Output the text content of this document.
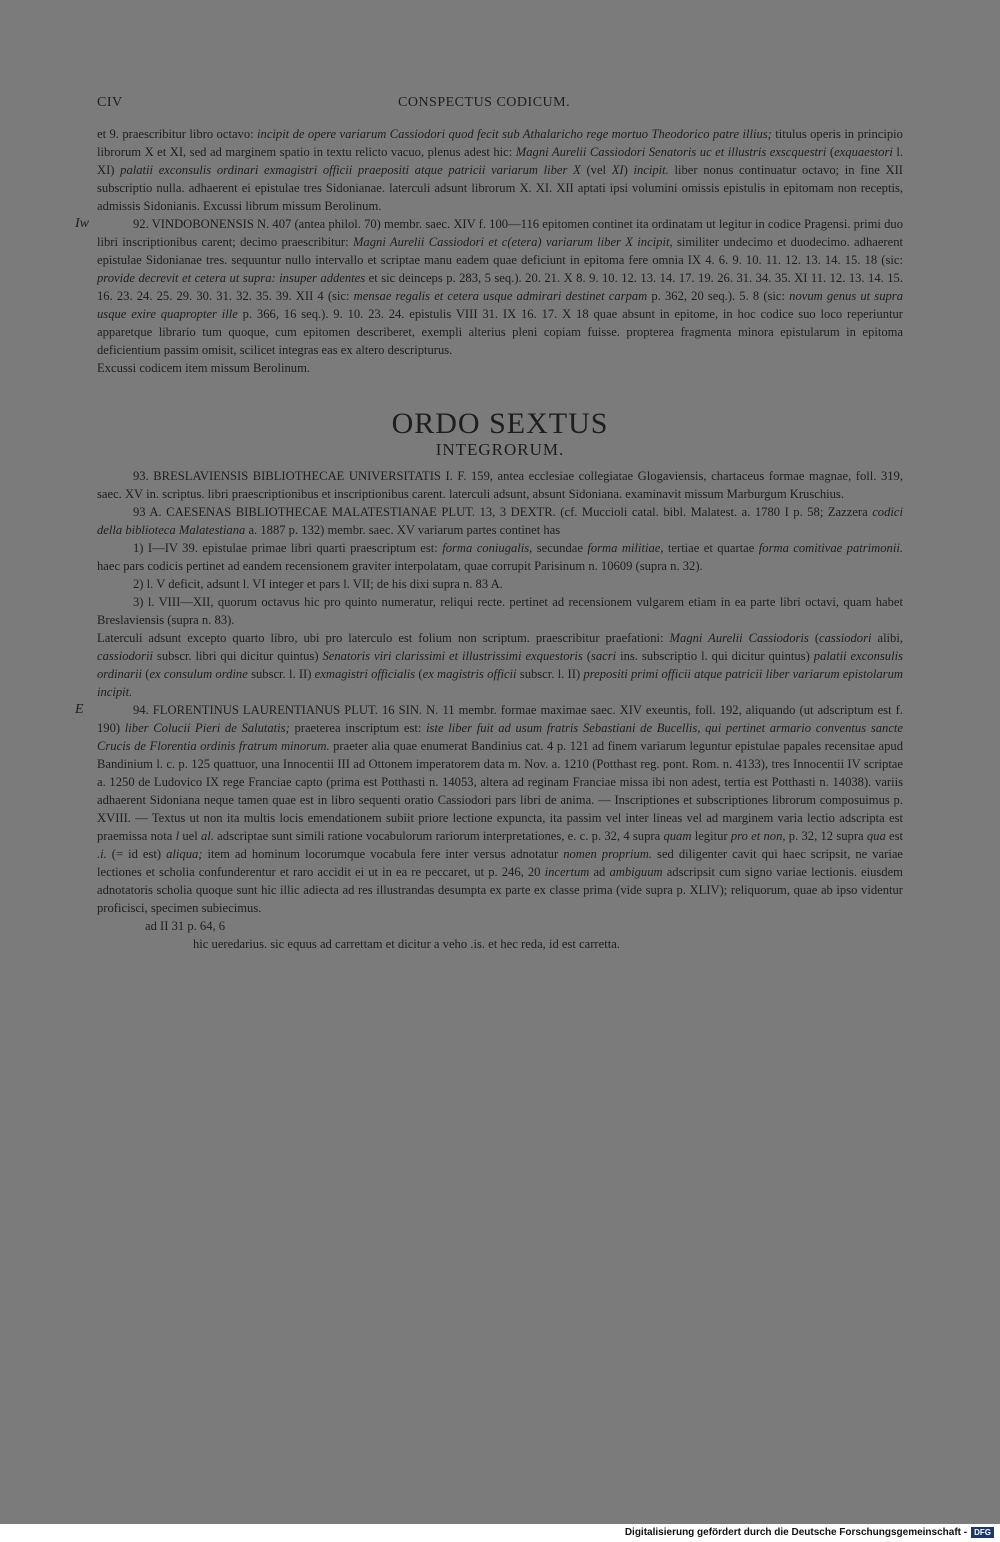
CIV	CONSPECTUS CODICUM.

et 9. praescribitur libro octavo: incipit de opere variarum Cassiodori quod fecit sub Athalaricho rege mortuo Theodorico patre illius; titulus operis in principio librorum X et XI, sed ad marginem spatio in textu relicto vacuo, plenus adest hic: Magni Aurelii Cassiodori Senatoris uc et illustris exscquestri (exquaestori l. XI) palatii exconsulis ordinari exmagistri officii praepositi atque patricii variarum liber X (vel XI) incipit. liber nonus continuatur octavo; in fine XII subscriptio nulla. adhaerent ei epistulae tres Sidonianae. laterculi adsunt librorum X. XI. XII aptati ipsi volumini omissis epistulis in epitomam non receptis, admissis Sidonianis. Excussi librum missum Berolinum.

Iw	92. VINDOBONENSIS N. 407 (antea philol. 70) membr. saec. XIV f. 100—116 epitomen continet ita ordinatam ut legitur in codice Pragensi. primi duo libri inscriptionibus carent; decimo praescribitur: Magni Aurelii Cassiodori et c(etera) variarum liber X incipit, similiter undecimo et duodecimo. adhaerent epistulae Sidonianae tres. sequuntur nullo intervallo et scriptae manu eadem quae deficiunt in epitoma fere omnia IX 4. 6. 9. 10. 11. 12. 13. 14. 15. 18 (sic: provide decrevit et cetera ut supra: insuper addentes et sic deinceps p. 283, 5 seq.). 20. 21. X 8. 9. 10. 12. 13. 14. 17. 19. 26. 31. 34. 35. XI 11. 12. 13. 14. 15. 16. 23. 24. 25. 29. 30. 31. 32. 35. 39. XII 4 (sic: mensae regalis et cetera usque admirari destinet carpam p. 362, 20 seq.). 5. 8 (sic: novum genus ut supra usque exire quapropter ille p. 366, 16 seq.). 9. 10. 23. 24. epistulis VIII 31. IX 16. 17. X 18 quae absunt in epitome, in hoc codice suo loco reperiuntur apparetque librario tum quoque, cum epitomen describeret, exempli alterius pleni copiam fuisse. propterea fragmenta minora epistularum in epitoma deficientium passim omisit, scilicet integras eas ex altero descripturus.

Excussi codicem item missum Berolinum.

ORDO SEXTUS
INTEGRORUM.

93. BRESLAVIENSIS BIBLIOTHECAE UNIVERSITATIS I. F. 159, antea ecclesiae collegiatae Glogaviensis, chartaceus formae magnae, foll. 319, saec. XV in. scriptus. libri praescriptionibus et inscriptionibus carent. laterculi adsunt, absunt Sidoniana. examinavit missum Marburgum Kruschius.

93 A. CAESENAS BIBLIOTHECAE MALATESTIANAE PLUT. 13, 3 DEXTR. (cf. Muccioli catal. bibl. Malatest. a. 1780 I p. 58; Zazzera codici della biblioteca Malatestiana a. 1887 p. 132) membr. saec. XV variarum partes continet has

1) I—IV 39. epistulae primae libri quarti praescriptum est: forma coniugalis, secundae forma militiae, tertiae et quartae forma comitivae patrimonii. haec pars codicis pertinet ad eandem recensionem graviter interpolatam, quae corrupit Parisinum n. 10609 (supra n. 32).

2) l. V deficit, adsunt l. VI integer et pars l. VII; de his dixi supra n. 83 A.

3) l. VIII—XII, quorum octavus hic pro quinto numeratur, reliqui recte. pertinet ad recensionem vulgarem etiam in ea parte libri octavi, quam habet Breslaviensis (supra n. 83).

Laterculi adsunt excepto quarto libro, ubi pro laterculo est folium non scriptum. praescribitur praefationi: Magni Aurelii Cassiodoris (cassiodori alibi, cassiodorii subscr. libri qui dicitur quintus) Senatoris viri clarissimi et illustrissimi exquestoris (sacri ins. subscriptio l. qui dicitur quintus) palatii exconsulis ordinarii (ex consulum ordine subscr. l. II) exmagistri officialis (ex magistris officii subscr. l. II) prepositi primi officii atque patricii liber variarum epistolarum incipit.

E	94. FLORENTINUS LAURENTIANUS PLUT. 16 SIN. N. 11 membr. formae maximae saec. XIV exeuntis, foll. 192, aliquando (ut adscriptum est f. 190) liber Colucii Pieri de Salutatis; praeterea inscriptum est: iste liber fuit ad usum fratris Sebastiani de Bucellis, qui pertinet armario conventus sancte Crucis de Florentia ordinis fratrum minorum. praeter alia quae enumerat Bandinius cat. 4 p. 121 ad finem variarum leguntur epistulae papales recensitae apud Bandinium l. c. p. 125 quattuor, una Innocentii III ad Ottonem imperatorem data m. Nov. a. 1210 (Potthast reg. pont. Rom. n. 4133), tres Innocentii IV scriptae a. 1250 de Ludovico IX rege Franciae capto (prima est Potthasti n. 14053, altera ad reginam Franciae missa ibi non adest, tertia est Potthasti n. 14038). variis adhaerent Sidoniana neque tamen quae est in libro sequenti oratio Cassiodori pars libri de anima. — Inscriptiones et subscriptiones librorum composuimus p. XVIII. — Textus ut non ita multis locis emendationem subiit priore lectione expuncta, ita passim vel inter lineas vel ad marginem varia lectio adscripta est praemissa nota l uel al. adscriptae sunt simili ratione vocabulorum rariorum interpretationes, e. c. p. 32, 4 supra quam legitur pro et non, p. 32, 12 supra qua est .i. (= id est) aliqua; item ad hominum locorumque vocabula fere inter versus adnotatur nomen proprium. sed diligenter cavit qui haec scripsit, ne variae lectiones et scholia confunderentur et raro accidit ei ut in ea re peccaret, ut p. 246, 20 incertum ad ambiguum adscripsit cum signo variae lectionis. eiusdem adnotatoris scholia quoque sunt hic illic adiecta ad res illustrandas desumpta ex parte ex classe prima (vide supra p. XLIV); reliquorum, quae ab ipso videntur proficisci, specimen subiecimus.

ad II 31 p. 64, 6

hic ueredarius. sic equus ad carrettam et dicitur a veho .is. et hec reda, id est carretta.

Digitalisierung gefördert durch die Deutsche Forschungsgemeinschaft - DFG
